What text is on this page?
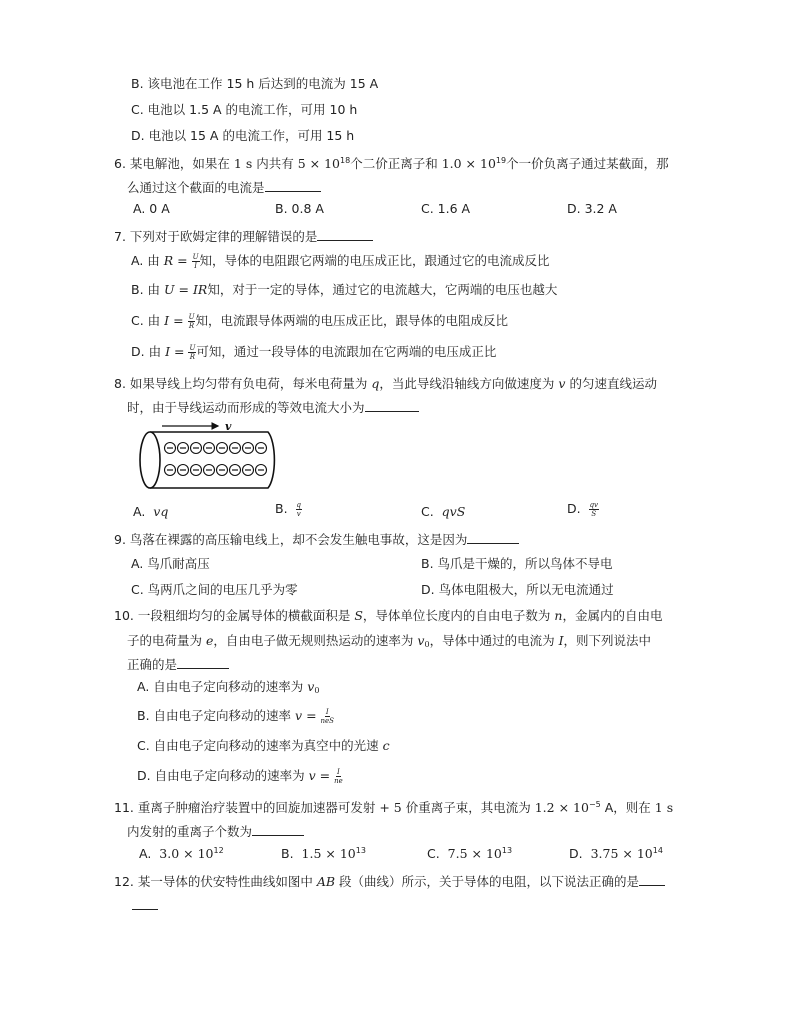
B. 该电池在工作 15 h 后达到的电流为 15 A
C. 电池以 1.5 A 的电流工作，可用 10 h
D. 电池以 15 A 的电流工作，可用 15 h
6. 某电解池，如果在 1 s 内共有 $5 \times 10^{18}$个二价正离子和 $1.0 \times 10^{19}$个一价负离子通过某截面，那
么通过这个截面的电流是
A. 0 A	B. 0.8 A	C. 1.6 A	D. 3.2 A
7. 下列对于欧姆定律的理解错误的是
A. 由 $R = \frac{U}{I}$ 知，导体的电阻跟它两端的电压成正比，跟通过它的电流成反比
B. 由 U = IR知，对于一定的导体，通过它的电流越大，它两端的电压也越大
C. 由 $I = \frac{U}{R}$ 知，电流跟导体两端的电压成正比，跟导体的电阻成反比
D. 由 $I = \frac{U}{R}$ 可知，通过一段导体的电流跟加在它两端的电压成正比
8. 如果导线上均匀带有负电荷，每米电荷量为 q，当此导线沿轴线方向做速度为 v 的匀速直线运动
时，由于导线运动而形成的等效电流大小为
v
A. vq	B. $\frac{q}{v}$	C. qvS	D. $\frac{qv}{S}$
9. 鸟落在裸露的高压输电线上，却不会发生触电事故，这是因为
A. 鸟爪耐高压	B. 鸟爪是干燥的，所以鸟体不导电
C. 鸟两爪之间的电压几乎为零	D. 鸟体电阻极大，所以无电流通过
10. 一段粗细均匀的金属导体的横截面积是 S，导体单位长度内的自由电子数为 n，金属内的自由电
子的电荷量为 e，自由电子做无规则热运动的速率为 $v_0$，导体中通过的电流为 I，则下列说法中
正确的是
A. 自由电子定向移动的速率为 $v_0$
B. 自由电子定向移动的速率 $v = \frac{I}{\text{neS}}$
C. 自由电子定向移动的速率为真空中的光速 c
D. 自由电子定向移动的速率为 $v = \frac{I}{ne}$
11. 重离子肿瘤治疗装置中的回旋加速器可发射 + 5 价重离子束，其电流为 $1.2 \times 10^{-5}$ A，则在 1 s
内发射的重离子个数为
A. $3.0 \times 10^{12}$	B. $1.5 \times 10^{13}$	C. $7.5 \times 10^{13}$	D. $3.75 \times 10^{14}$
12. 某一导体的伏安特性曲线如图中 AB 段（曲线）所示，关于导体的电阻，以下说法正确的是
